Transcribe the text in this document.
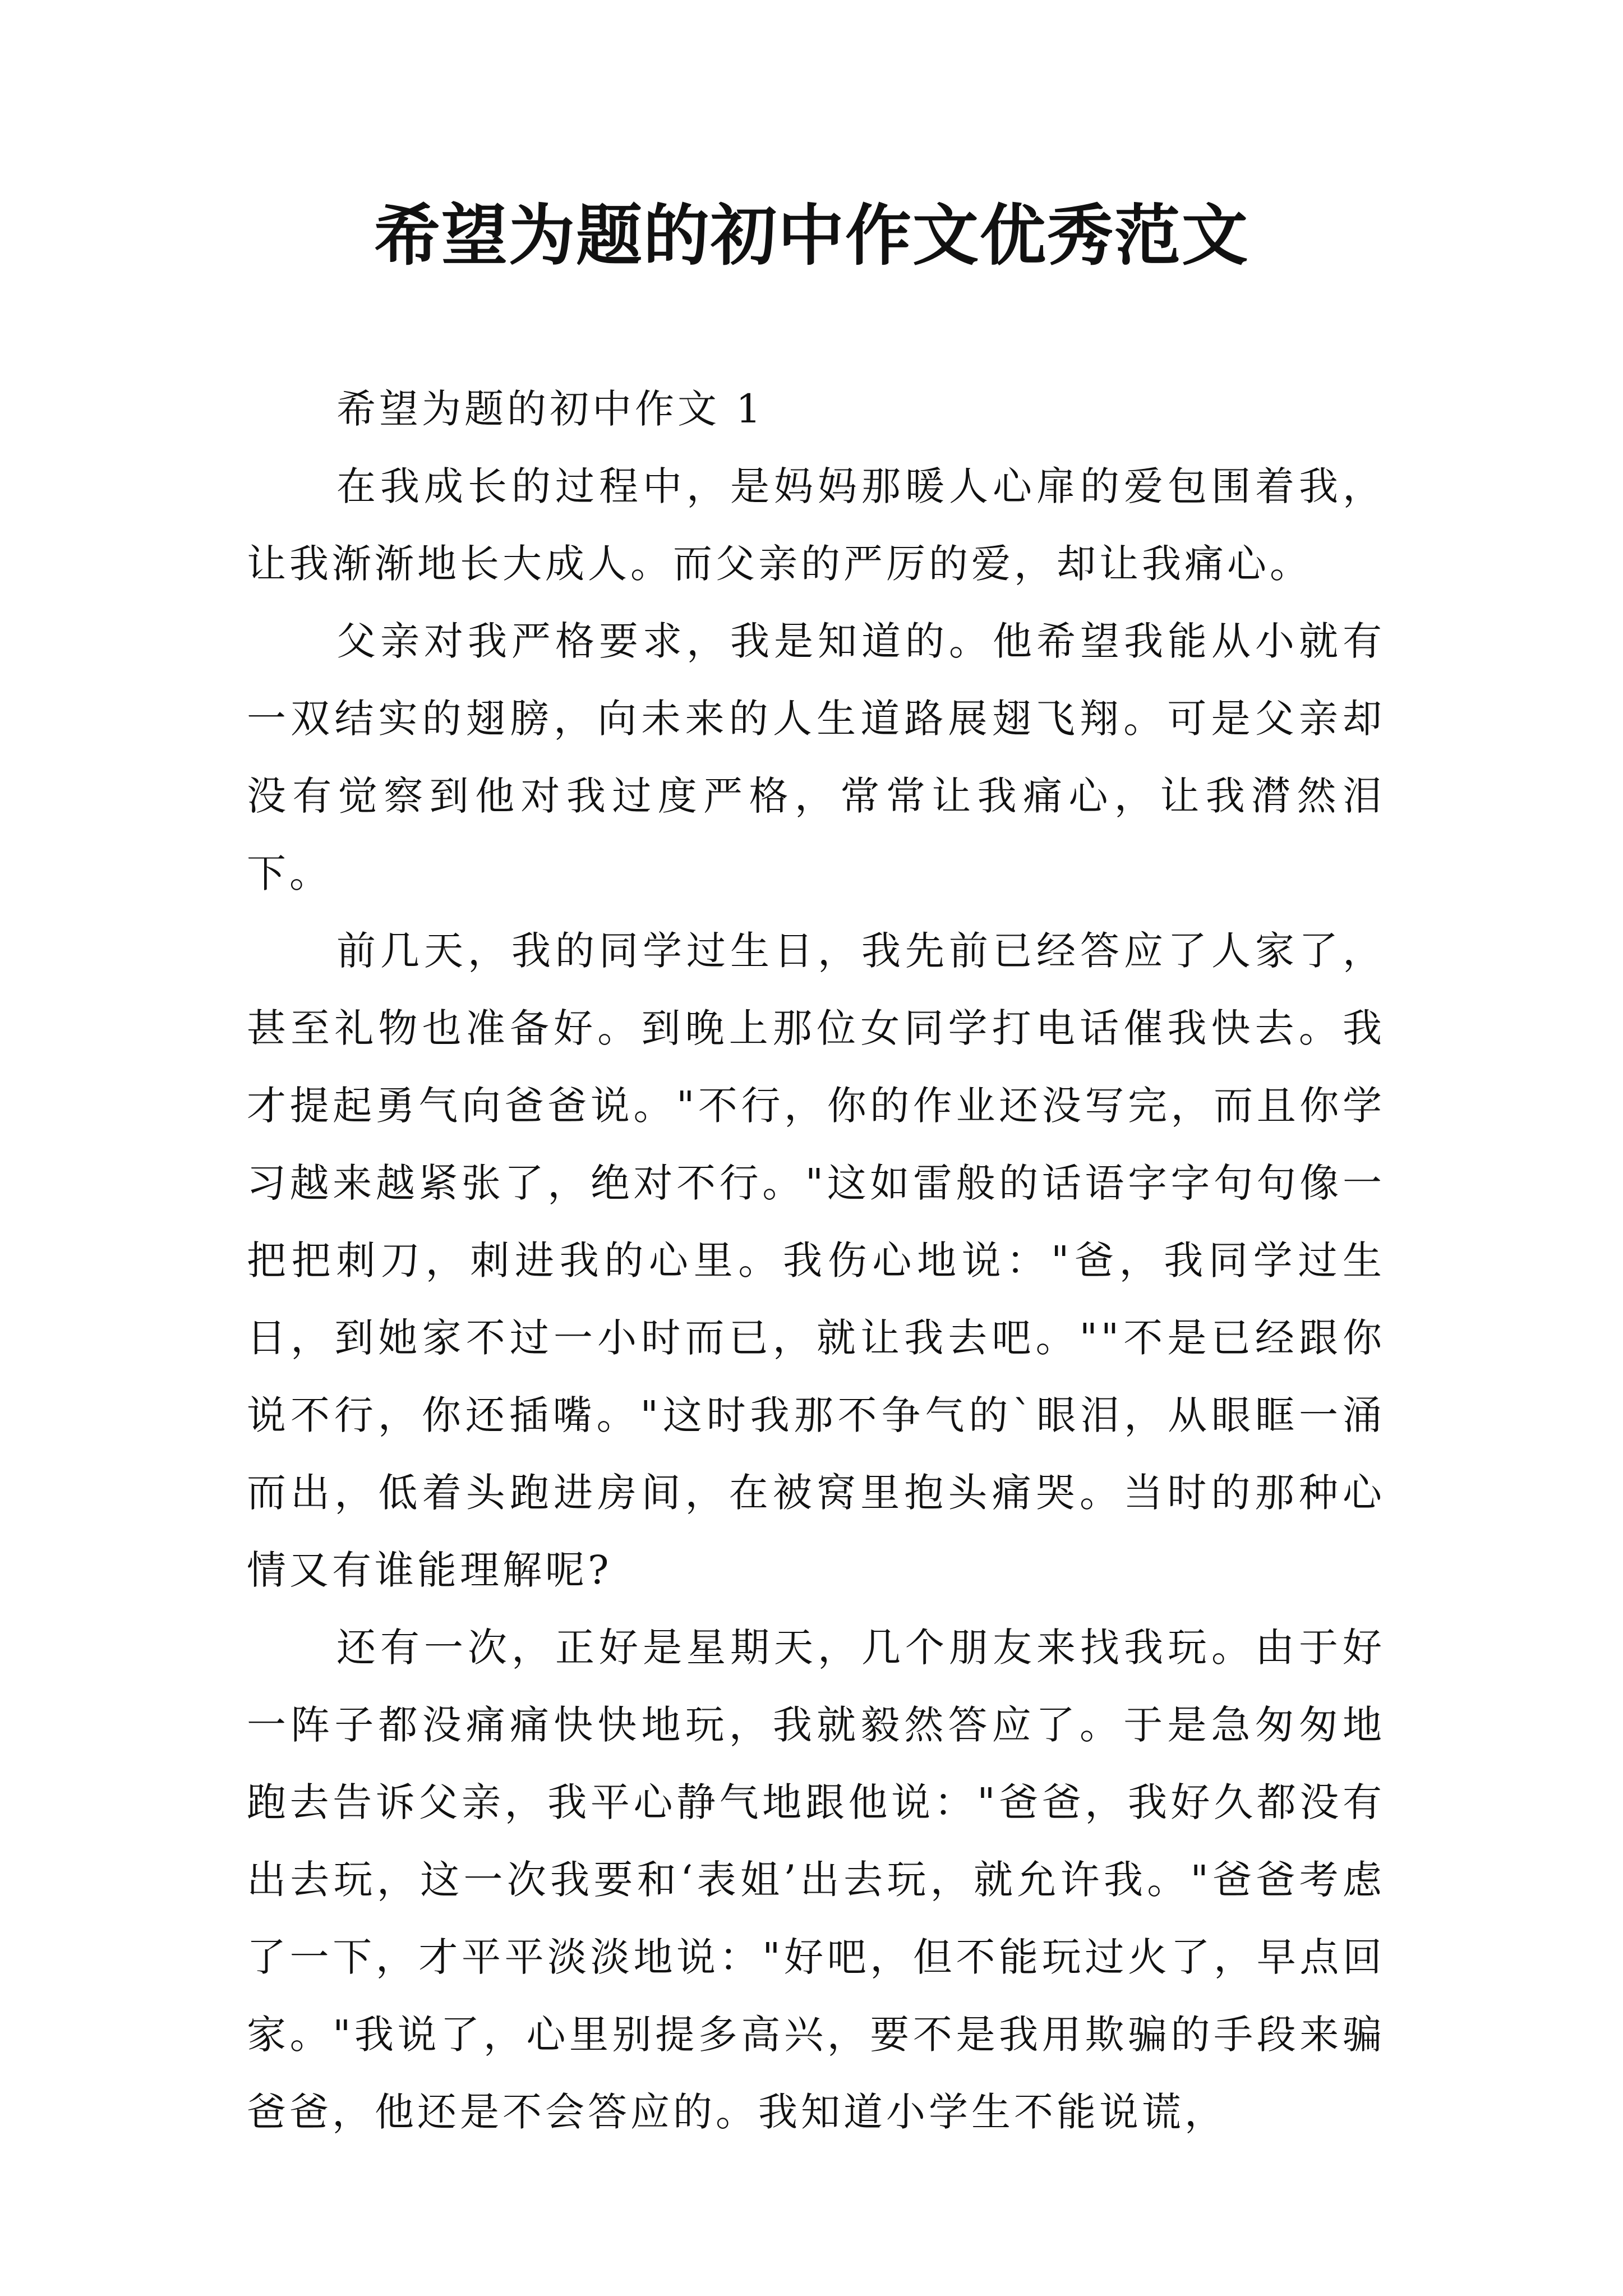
希望为题的初中作文优秀范文

希望为题的初中作文 1

在我成长的过程中，是妈妈那暖人心扉的爱包围着我，让我渐渐地长大成人。而父亲的严厉的爱，却让我痛心。

父亲对我严格要求，我是知道的。他希望我能从小就有一双结实的翅膀，向未来的人生道路展翅飞翔。可是父亲却没有觉察到他对我过度严格，常常让我痛心，让我潸然泪下。

前几天，我的同学过生日，我先前已经答应了人家了，甚至礼物也准备好。到晚上那位女同学打电话催我快去。我才提起勇气向爸爸说。"不行，你的作业还没写完，而且你学习越来越紧张了，绝对不行。"这如雷般的话语字字句句像一把把刺刀，刺进我的心里。我伤心地说："爸，我同学过生日，到她家不过一小时而已，就让我去吧。""不是已经跟你说不行，你还插嘴。"这时我那不争气的`眼泪，从眼眶一涌而出，低着头跑进房间，在被窝里抱头痛哭。当时的那种心情又有谁能理解呢?

还有一次，正好是星期天，几个朋友来找我玩。由于好一阵子都没痛痛快快地玩，我就毅然答应了。于是急匆匆地跑去告诉父亲，我平心静气地跟他说："爸爸，我好久都没有出去玩，这一次我要和‘表姐’出去玩，就允许我。"爸爸考虑了一下，才平平淡淡地说："好吧，但不能玩过火了，早点回家。"我说了，心里别提多高兴，要不是我用欺骗的手段来骗爸爸，他还是不会答应的。我知道小学生不能说谎，
